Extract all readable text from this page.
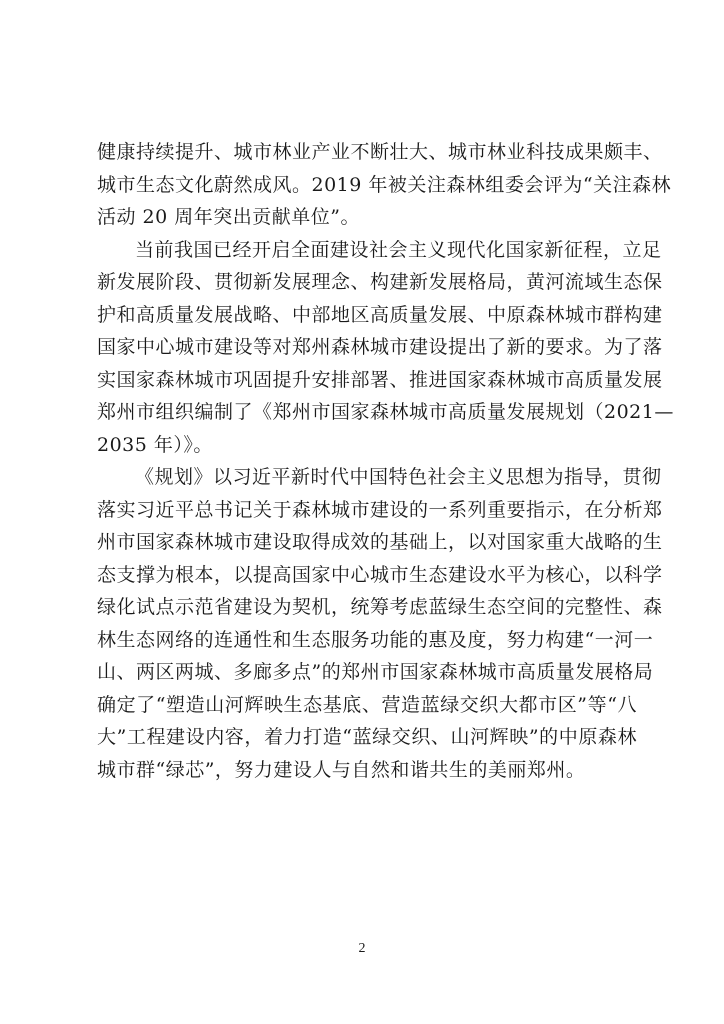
健康持续提升、城市林业产业不断壮大、城市林业科技成果颇丰、
城市生态文化蔚然成风。2019 年被关注森林组委会评为“关注森林
活动 20 周年突出贡献单位”。
当前我国已经开启全面建设社会主义现代化国家新征程，立足
新发展阶段、贯彻新发展理念、构建新发展格局，黄河流域生态保
护和高质量发展战略、中部地区高质量发展、中原森林城市群构建
国家中心城市建设等对郑州森林城市建设提出了新的要求。为了落
实国家森林城市巩固提升安排部署、推进国家森林城市高质量发展
郑州市组织编制了《郑州市国家森林城市高质量发展规划（2021—
2035 年）》。
《规划》以习近平新时代中国特色社会主义思想为指导，贯彻
落实习近平总书记关于森林城市建设的一系列重要指示，在分析郑
州市国家森林城市建设取得成效的基础上，以对国家重大战略的生
态支撑为根本，以提高国家中心城市生态建设水平为核心，以科学
绿化试点示范省建设为契机，统筹考虑蓝绿生态空间的完整性、森
林生态网络的连通性和生态服务功能的惠及度，努力构建“一河一
山、两区两城、多廊多点”的郑州市国家森林城市高质量发展格局
确定了“塑造山河辉映生态基底、营造蓝绿交织大都市区”等“八
大”工程建设内容，着力打造“蓝绿交织、山河辉映”的中原森林
城市群“绿芯”，努力建设人与自然和谐共生的美丽郑州。
2
